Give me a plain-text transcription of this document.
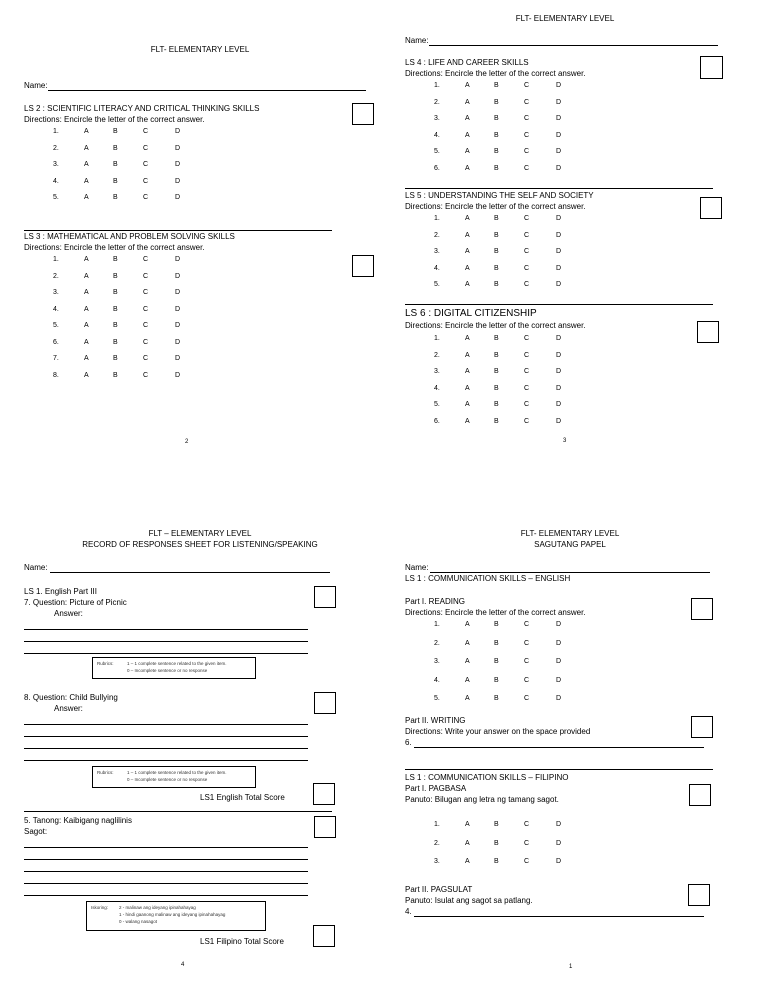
FLT- ELEMENTARY LEVEL
Name:
LS 2 : SCIENTIFIC LITERACY AND CRITICAL THINKING SKILLS
Directions: Encircle the letter of the correct answer.
1.	A	B	C	D
2.	A	B	C	D
3.	A	B	C	D
4.	A	B	C	D
5.	A	B	C	D
LS 3 : MATHEMATICAL AND PROBLEM SOLVING SKILLS
Directions: Encircle the letter of the correct answer.
1.	A	B	C	D
2.	A	B	C	D
3.	A	B	C	D
4.	A	B	C	D
5.	A	B	C	D
6.	A	B	C	D
7.	A	B	C	D
8.	A	B	C	D
2
FLT- ELEMENTARY LEVEL
Name:
LS 4 : LIFE AND CAREER SKILLS
Directions: Encircle the letter of the correct answer.
1.	A	B	C	D
2.	A	B	C	D
3.	A	B	C	D
4.	A	B	C	D
5.	A	B	C	D
6.	A	B	C	D
LS 5 : UNDERSTANDING THE SELF AND SOCIETY
Directions: Encircle the letter of the correct answer.
1.	A	B	C	D
2.	A	B	C	D
3.	A	B	C	D
4.	A	B	C	D
5.	A	B	C	D
LS 6 : DIGITAL CITIZENSHIP
Directions: Encircle the letter of the correct answer.
1.	A	B	C	D
2.	A	B	C	D
3.	A	B	C	D
4.	A	B	C	D
5.	A	B	C	D
6.	A	B	C	D
3
FLT – ELEMENTARY LEVEL
RECORD OF RESPONSES SHEET FOR LISTENING/SPEAKING
Name:
LS 1. English Part III
7. Question: Picture of Picnic
Answer:
Rubrics:	1 – 1 complete sentence related to the given item.
0 – Incomplete sentence or no response
8. Question: Child Bullying
Answer:
Rubrics:	1 – 1 complete sentence related to the given item.
0 – Incomplete sentence or no response
LS1 English Total Score
5. Tanong: Kaibigang naglilinis
Sagot:
Iskoring: 2 - malinaw ang ideyang ipinahahayag
1 - hindi gaanong malinaw ang ideyang ipinahahayag
0 - walang nasagot
LS1 Filipino Total Score
4
FLT- ELEMENTARY LEVEL
SAGUTANG PAPEL
Name:
LS 1 : COMMUNICATION SKILLS – ENGLISH
Part I. READING
Directions: Encircle the letter of the correct answer.
1.	A	B	C	D
2.	A	B	C	D
3.	A	B	C	D
4.	A	B	C	D
5.	A	B	C	D
Part II. WRITING
Directions: Write your answer on the space provided
6.
LS 1 : COMMUNICATION SKILLS – FILIPINO
Part I. PAGBASA
Panuto: Bilugan ang letra ng tamang sagot.
1.	A	B	C	D
2.	A	B	C	D
3.	A	B	C	D
Part II. PAGSULAT
Panuto: Isulat ang sagot sa patlang.
4.
1
